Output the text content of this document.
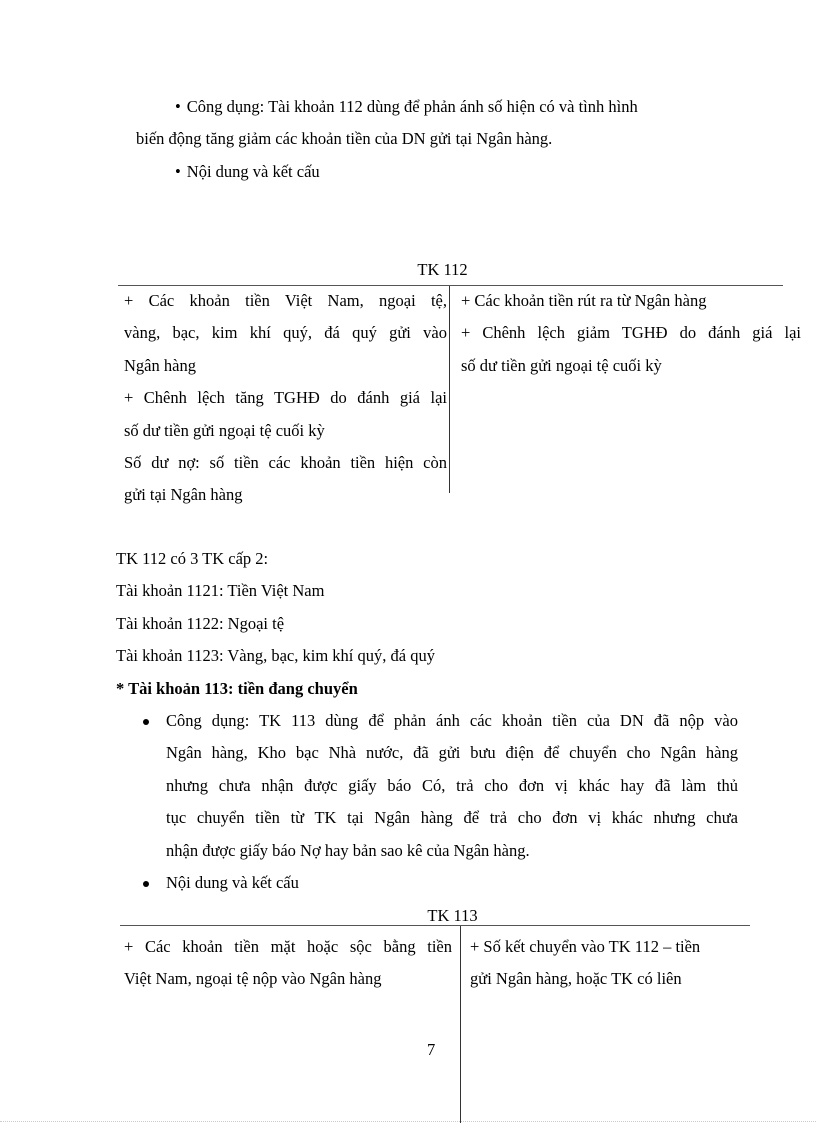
• Công dụng: Tài khoản 112 dùng để phản ánh số hiện có và tình hình
biến động tăng giảm các khoản tiền của DN gửi tại Ngân hàng.
• Nội dung và kết cấu
TK 112
+ Các khoản tiền Việt Nam, ngoại tệ,
vàng, bạc, kim khí quý, đá quý gửi vào
Ngân hàng
+ Chênh lệch tăng TGHĐ do đánh giá lại
số dư tiền gửi ngoại tệ cuối kỳ
Số dư nợ: số tiền các khoản tiền hiện còn
gửi tại Ngân hàng
+ Các khoản tiền rút ra từ Ngân hàng
+ Chênh lệch giảm TGHĐ do đánh giá lại
số dư tiền gửi ngoại tệ cuối kỳ
TK 112 có 3 TK cấp 2:
Tài khoản 1121: Tiền Việt Nam
Tài khoản 1122: Ngoại tệ
Tài khoản 1123: Vàng, bạc, kim khí quý, đá quý
* Tài khoản 113: tiền đang chuyển
Công dụng: TK 113 dùng để phản ánh các khoản tiền của DN đã nộp vào
Ngân hàng, Kho bạc Nhà nước, đã gửi bưu điện để chuyển cho Ngân hàng
nhưng chưa nhận được giấy báo Có, trả cho đơn vị khác hay đã làm thủ
tục chuyển tiền từ TK tại Ngân hàng để trả cho đơn vị khác nhưng chưa
nhận được giấy báo Nợ hay bản sao kê của Ngân hàng.
Nội dung và kết cấu
TK 113
+ Các khoản tiền mặt hoặc sộc bằng tiền
Việt Nam, ngoại tệ nộp vào Ngân hàng
+ Số kết chuyển vào TK 112 – tiền
gửi Ngân hàng, hoặc TK có liên
7
